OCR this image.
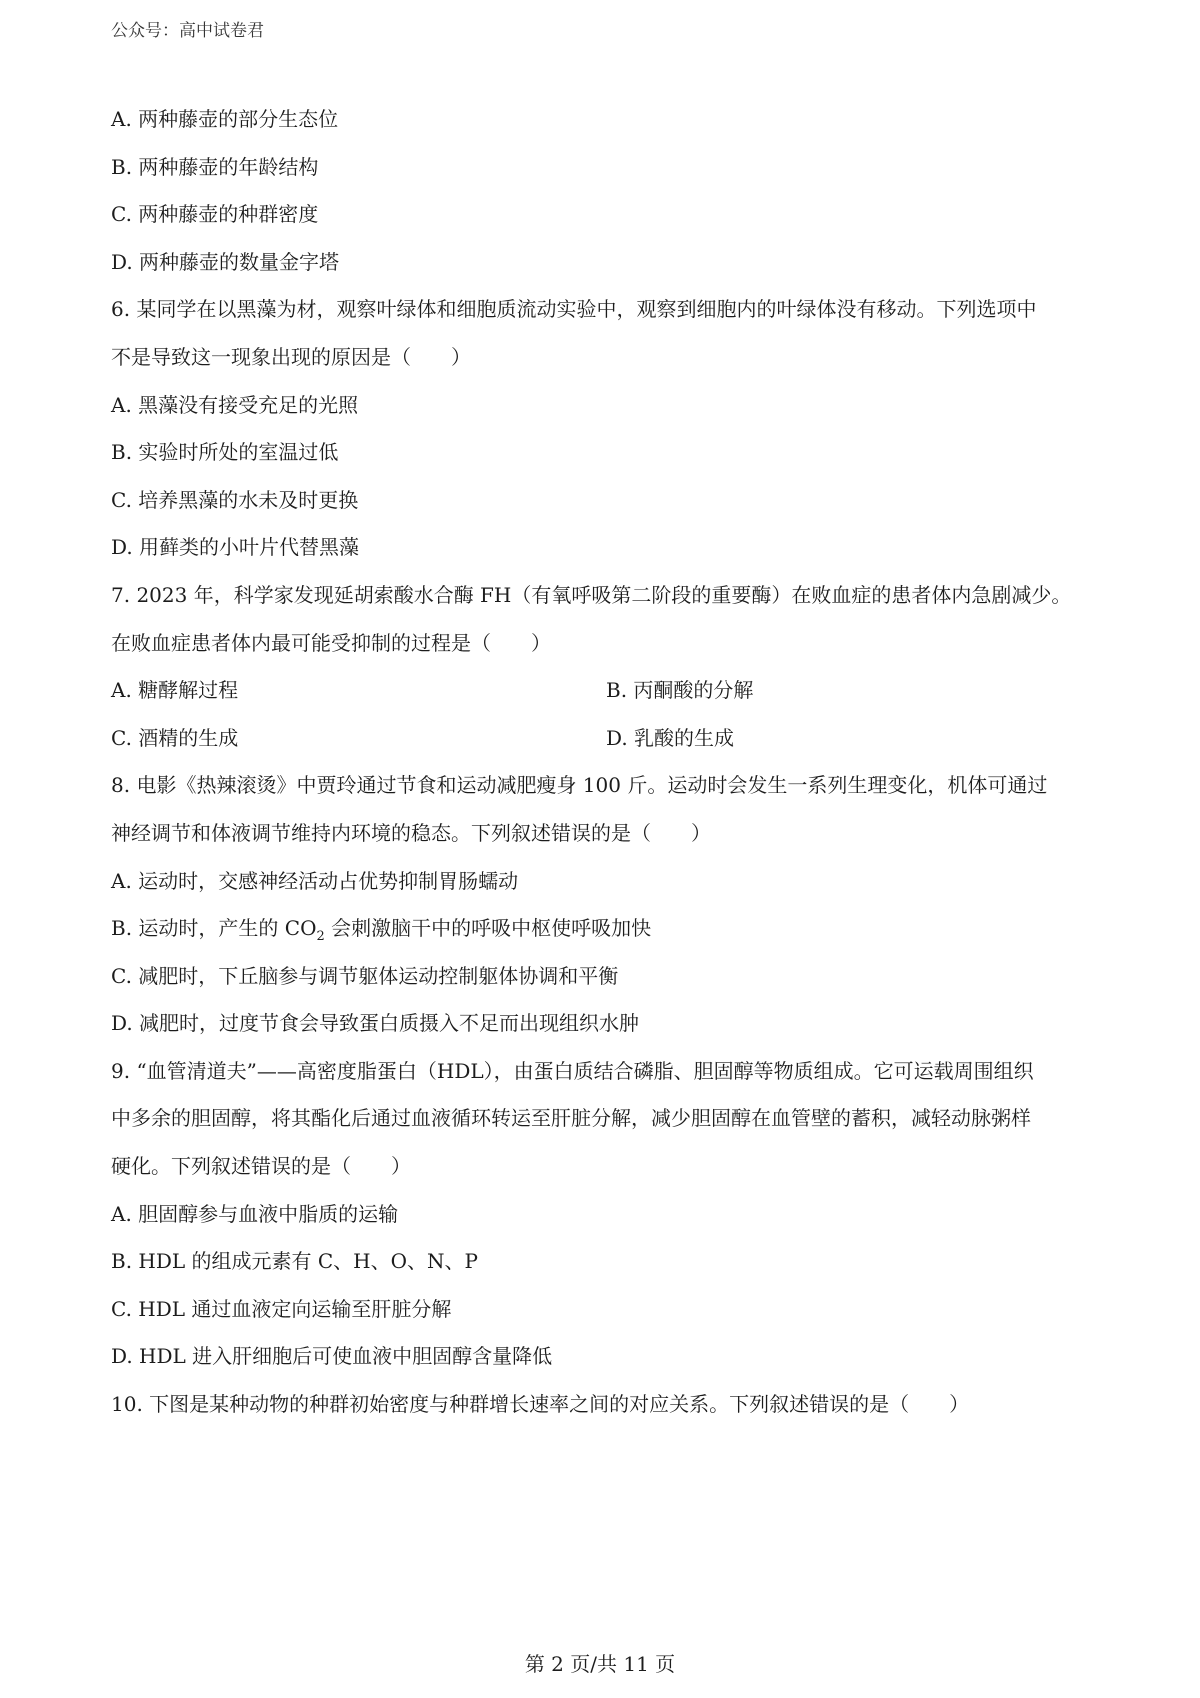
公众号：高中试卷君
A. 两种藤壶的部分生态位
B. 两种藤壶的年龄结构
C. 两种藤壶的种群密度
D. 两种藤壶的数量金字塔
6. 某同学在以黑藻为材，观察叶绿体和细胞质流动实验中，观察到细胞内的叶绿体没有移动。下列选项中
不是导致这一现象出现的原因是（　　）
A. 黑藻没有接受充足的光照
B. 实验时所处的室温过低
C. 培养黑藻的水未及时更换
D. 用藓类的小叶片代替黑藻
7. 2023 年，科学家发现延胡索酸水合酶 FH（有氧呼吸第二阶段的重要酶）在败血症的患者体内急剧减少。
在败血症患者体内最可能受抑制的过程是（　　）
A. 糖酵解过程	B. 丙酮酸的分解
C. 酒精的生成	D. 乳酸的生成
8. 电影《热辣滚烫》中贾玲通过节食和运动减肥瘦身 100 斤。运动时会发生一系列生理变化，机体可通过
神经调节和体液调节维持内环境的稳态。下列叙述错误的是（　　）
A. 运动时，交感神经活动占优势抑制胃肠蠕动
B. 运动时，产生的 $CO_2$ 会刺激脑干中的呼吸中枢使呼吸加快
C. 减肥时，下丘脑参与调节躯体运动控制躯体协调和平衡
D. 减肥时，过度节食会导致蛋白质摄入不足而出现组织水肿
9. “血管清道夫”——高密度脂蛋白（HDL），由蛋白质结合磷脂、胆固醇等物质组成。它可运载周围组织
中多余的胆固醇，将其酯化后通过血液循环转运至肝脏分解，减少胆固醇在血管壁的蓄积，减轻动脉粥样
硬化。下列叙述错误的是（　　）
A. 胆固醇参与血液中脂质的运输
B. HDL 的组成元素有 C、H、O、N、P
C. HDL 通过血液定向运输至肝脏分解
D. HDL 进入肝细胞后可使血液中胆固醇含量降低
10. 下图是某种动物的种群初始密度与种群增长速率之间的对应关系。下列叙述错误的是（　　）
第 2 页/共 11 页
